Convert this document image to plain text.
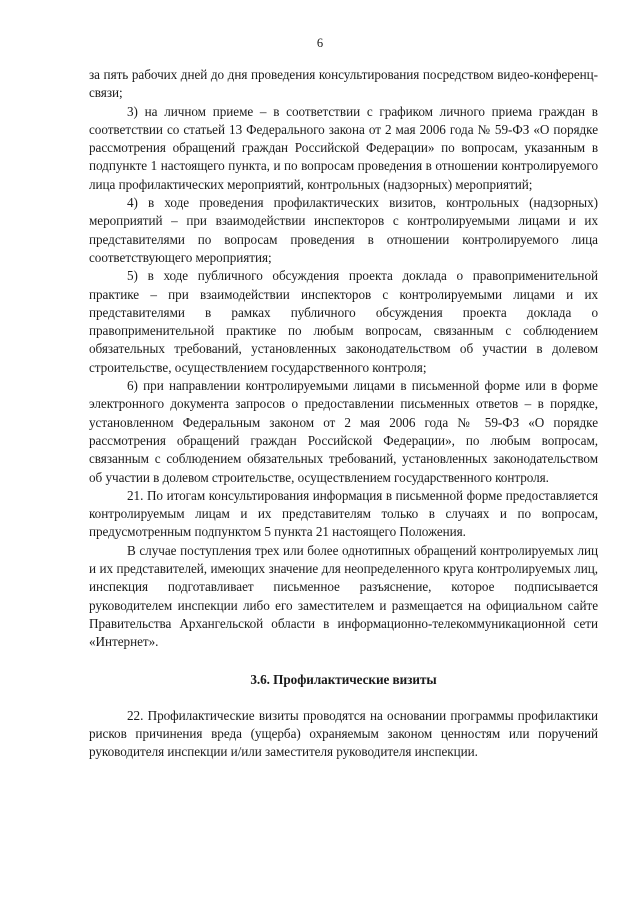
6

за пять рабочих дней до дня проведения консультирования посредством видео-конференц-связи;

3) на личном приеме – в соответствии с графиком личного приема граждан в соответствии со статьей 13 Федерального закона от 2 мая 2006 года № 59-ФЗ «О порядке рассмотрения обращений граждан Российской Федерации» по вопросам, указанным в подпункте 1 настоящего пункта, и по вопросам проведения в отношении контролируемого лица профилактических мероприятий, контрольных (надзорных) мероприятий;

4) в ходе проведения профилактических визитов, контрольных (надзорных) мероприятий – при взаимодействии инспекторов с контролируемыми лицами и их представителями по вопросам проведения в отношении контролируемого лица соответствующего мероприятия;

5) в ходе публичного обсуждения проекта доклада о правоприменительной практике – при взаимодействии инспекторов с контролируемыми лицами и их представителями в рамках публичного обсуждения проекта доклада о правоприменительной практике по любым вопросам, связанным с соблюдением обязательных требований, установленных законодательством об участии в долевом строительстве, осуществлением государственного контроля;

6) при направлении контролируемыми лицами в письменной форме или в форме электронного документа запросов о предоставлении письменных ответов – в порядке, установленном Федеральным законом от 2 мая 2006 года № 59-ФЗ «О порядке рассмотрения обращений граждан Российской Федерации», по любым вопросам, связанным с соблюдением обязательных требований, установленных законодательством об участии в долевом строительстве, осуществлением государственного контроля.

21. По итогам консультирования информация в письменной форме предоставляется контролируемым лицам и их представителям только в случаях и по вопросам, предусмотренным подпунктом 5 пункта 21 настоящего Положения.

В случае поступления трех или более однотипных обращений контролируемых лиц и их представителей, имеющих значение для неопределенного круга контролируемых лиц, инспекция подготавливает письменное разъяснение, которое подписывается руководителем инспекции либо его заместителем и размещается на официальном сайте Правительства Архангельской области в информационно-телекоммуникационной сети «Интернет».

3.6. Профилактические визиты

22. Профилактические визиты проводятся на основании программы профилактики рисков причинения вреда (ущерба) охраняемым законом ценностям или поручений руководителя инспекции и/или заместителя руководителя инспекции.
